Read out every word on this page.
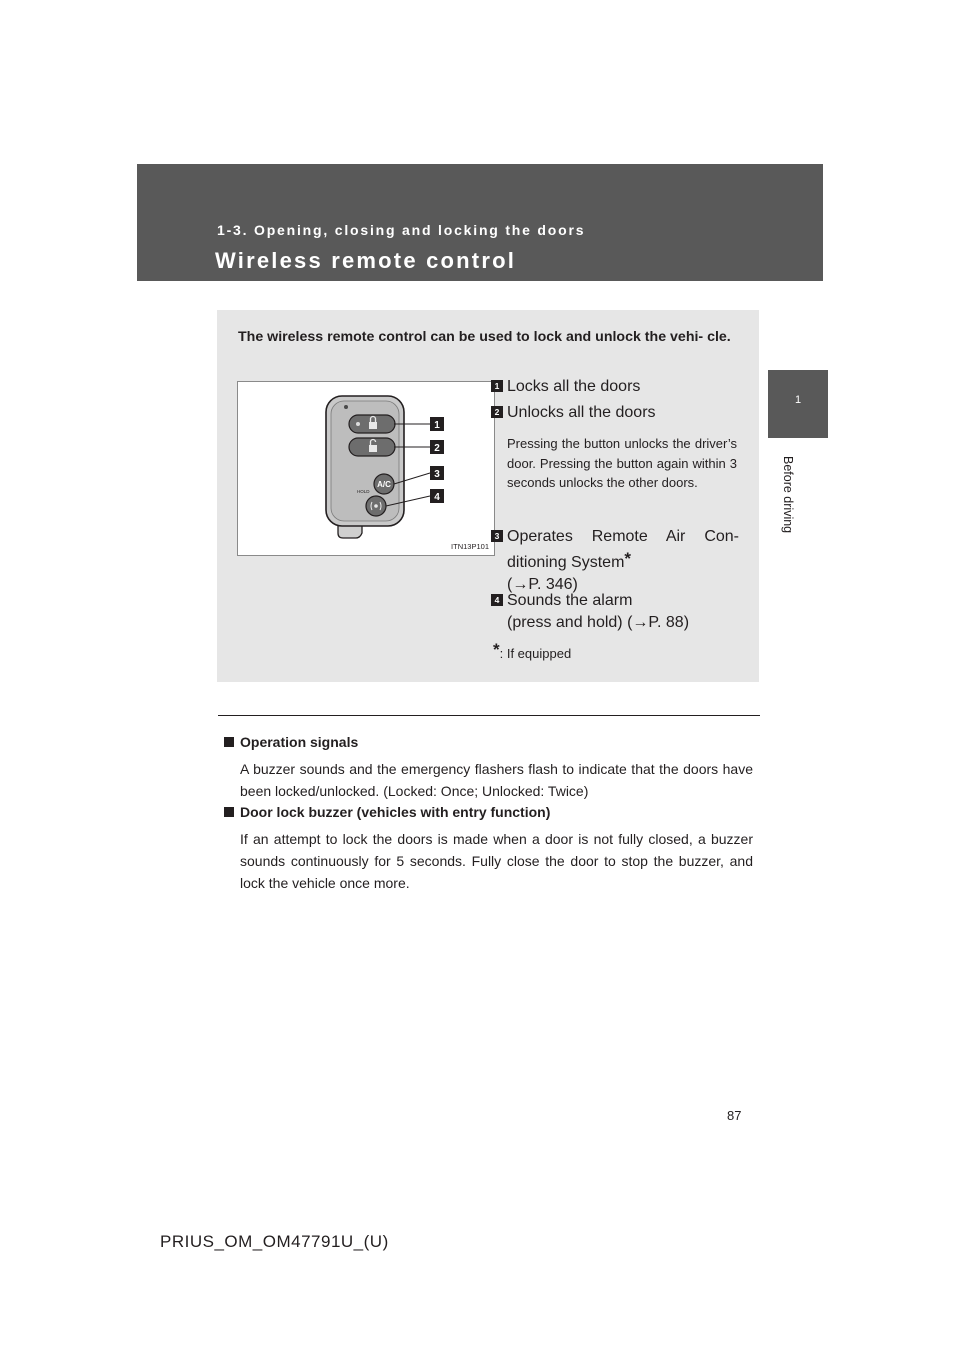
1-3. Opening, closing and locking the doors

Wireless remote control
1
Before driving

The wireless remote control can be used to lock and unlock the vehi- cle.

A/C
HOLD
1
2
3
4
ITN13P101
1 Locks all the doors
2 Unlocks all the doors

Pressing the button unlocks the driver’s door. Pressing the button again within 3 seconds unlocks the other doors.

3 Operates Remote Air Con- ditioning System*
(→P. 346)
4 Sounds the alarm
(press and hold) (→P. 88)
*: If equipped
Operation signals

A buzzer sounds and the emergency flashers flash to indicate that the doors have been locked/unlocked. (Locked: Once; Unlocked: Twice)

Door lock buzzer (vehicles with entry function)

If an attempt to lock the doors is made when a door is not fully closed, a buzzer sounds continuously for 5 seconds. Fully close the door to stop the buzzer, and lock the vehicle once more.

87
PRIUS_OM_OM47791U_(U)
